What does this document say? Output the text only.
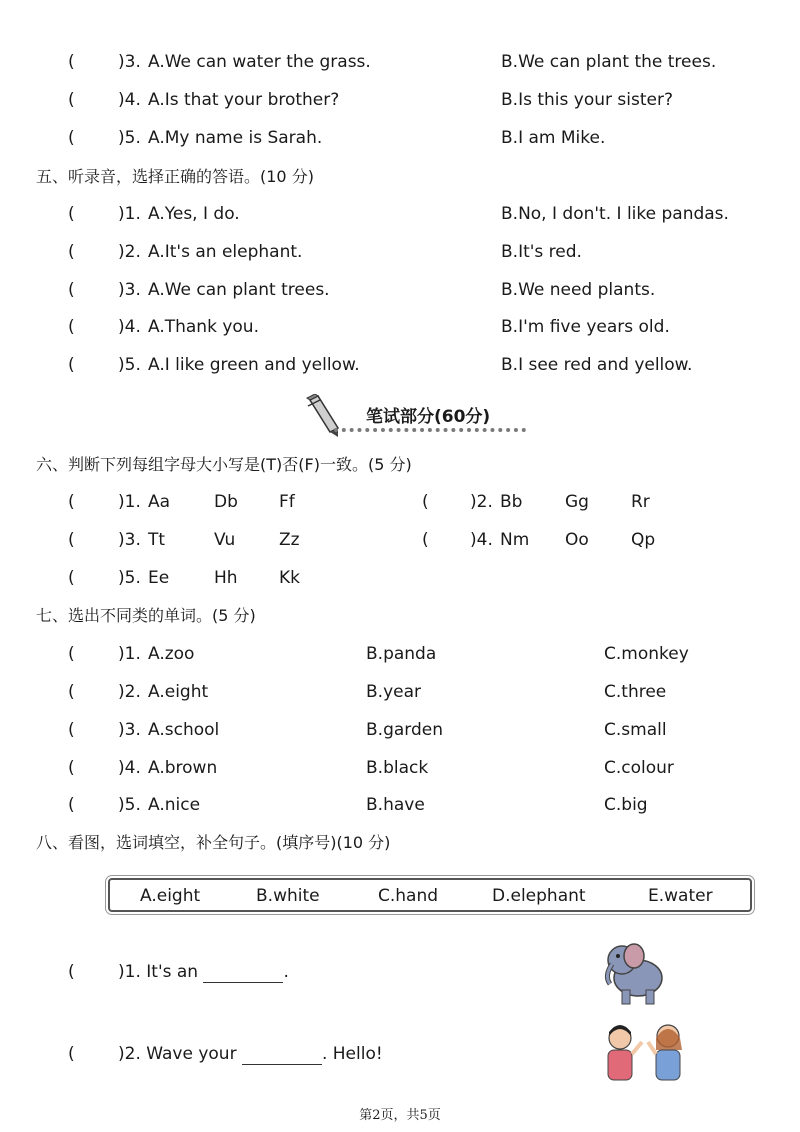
(	)3. A.We can water the grass.	B.We can plant the trees.
(	)4. A.Is that your brother?	B.Is this your sister?
(	)5. A.My name is Sarah.	B.I am Mike.
五、听录音，选择正确的答语。(10 分)
(	)1. A.Yes, I do.	B.No, I don't. I like pandas.
(	)2. A.It's an elephant.	B.It's red.
(	)3. A.We can plant trees.	B.We need plants.
(	)4. A.Thank you.	B.I'm five years old.
(	)5. A.I like green and yellow.	B.I see red and yellow.
笔试部分(60分)
六、判断下列每组字母大小写是(T)否(F)一致。(5 分)
(	)1. Aa	Db Ff	( )2. Bb	Gg Rr
(	)3. Tt	Vu	Zz	( )4. Nm Oo Qp
(	)5. Ee	Hh Kk
七、选出不同类的单词。(5 分)
(	)1. A.zoo	B.panda	C.monkey
(	)2. A.eight	B.year	C.three
(	)3. A.school	B.garden	C.small
(	)4. A.brown	B.black	C.colour
(	)5. A.nice	B.have	C.big
八、看图，选词填空，补全句子。(填序号)(10 分)
A.eight	B.white	C.hand	D.elephant	E.water
(	)1. It's an	.
(	)2. Wave your	. Hello!
第2页，共5页
